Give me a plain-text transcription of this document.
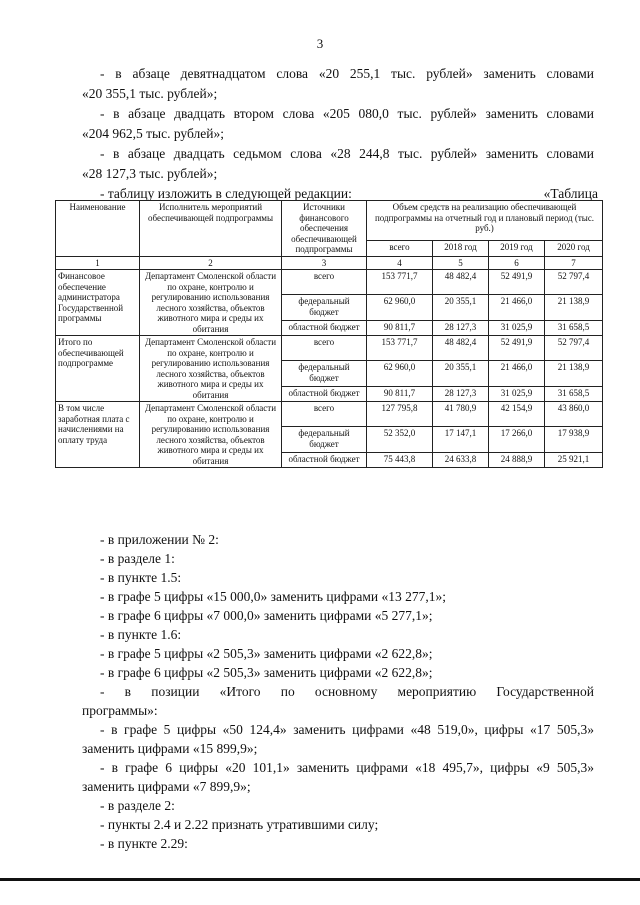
3
- в абзаце девятнадцатом слова «20 255,1 тыс. рублей» заменить словами
«20 355,1 тыс. рублей»;
- в абзаце двадцать втором слова «205 080,0 тыс. рублей» заменить словами
«204 962,5 тыс. рублей»;
- в абзаце двадцать седьмом слова «28 244,8 тыс. рублей» заменить словами
«28 127,3 тыс. рублей»;
- таблицу изложить в следующей редакции:	«Таблица
Наименование	Исполнитель мероприятий обеспечивающей подпрограммы	Источники финансового обеспечения обеспечивающей подпрограммы	Объем средств на реализацию обеспечивающей подпрограммы на отчетный год и плановый период (тыс. руб.)			
			всего	2018 год	2019 год	2020 год
1	2	3	4	5	6	7
Финансовое обеспечение администратора Государственной программы	Департамент Смоленской области по охране, контролю и регулированию использования лесного хозяйства, объектов животного мира и среды их обитания	всего	153 771,7	48 482,4	52 491,9	52 797,4
		федеральный бюджет	62 960,0	20 355,1	21 466,0	21 138,9
		областной бюджет	90 811,7	28 127,3	31 025,9	31 658,5
Итого по обеспечивающей подпрограмме	Департамент Смоленской области по охране, контролю и регулированию использования лесного хозяйства, объектов животного мира и среды их обитания	всего	153 771,7	48 482,4	52 491,9	52 797,4
		федеральный бюджет	62 960,0	20 355,1	21 466,0	21 138,9
		областной бюджет	90 811,7	28 127,3	31 025,9	31 658,5
В том числе заработная плата с начислениями на оплату труда	Департамент Смоленской области по охране, контролю и регулированию использования лесного хозяйства, объектов животного мира и среды их обитания	всего	127 795,8	41 780,9	42 154,9	43 860,0
		федеральный бюджет	52 352,0	17 147,1	17 266,0	17 938,9
		областной бюджет	75 443,8	24 633,8	24 888,9	25 921,1
- в приложении № 2:
- в разделе 1:
- в пункте 1.5:
- в графе 5 цифры «15 000,0» заменить цифрами «13 277,1»;
- в графе 6 цифры «7 000,0» заменить цифрами «5 277,1»;
- в пункте 1.6:
- в графе 5 цифры «2 505,3» заменить цифрами «2 622,8»;
- в графе 6 цифры «2 505,3» заменить цифрами «2 622,8»;
- в позиции «Итого по основному мероприятию Государственной
программы»:
- в графе 5 цифры «50 124,4» заменить цифрами «48 519,0», цифры «17 505,3»
заменить цифрами «15 899,9»;
- в графе 6 цифры «20 101,1» заменить цифрами «18 495,7», цифры «9 505,3»
заменить цифрами «7 899,9»;
- в разделе 2:
- пункты 2.4 и 2.22 признать утратившими силу;
- в пункте 2.29:
